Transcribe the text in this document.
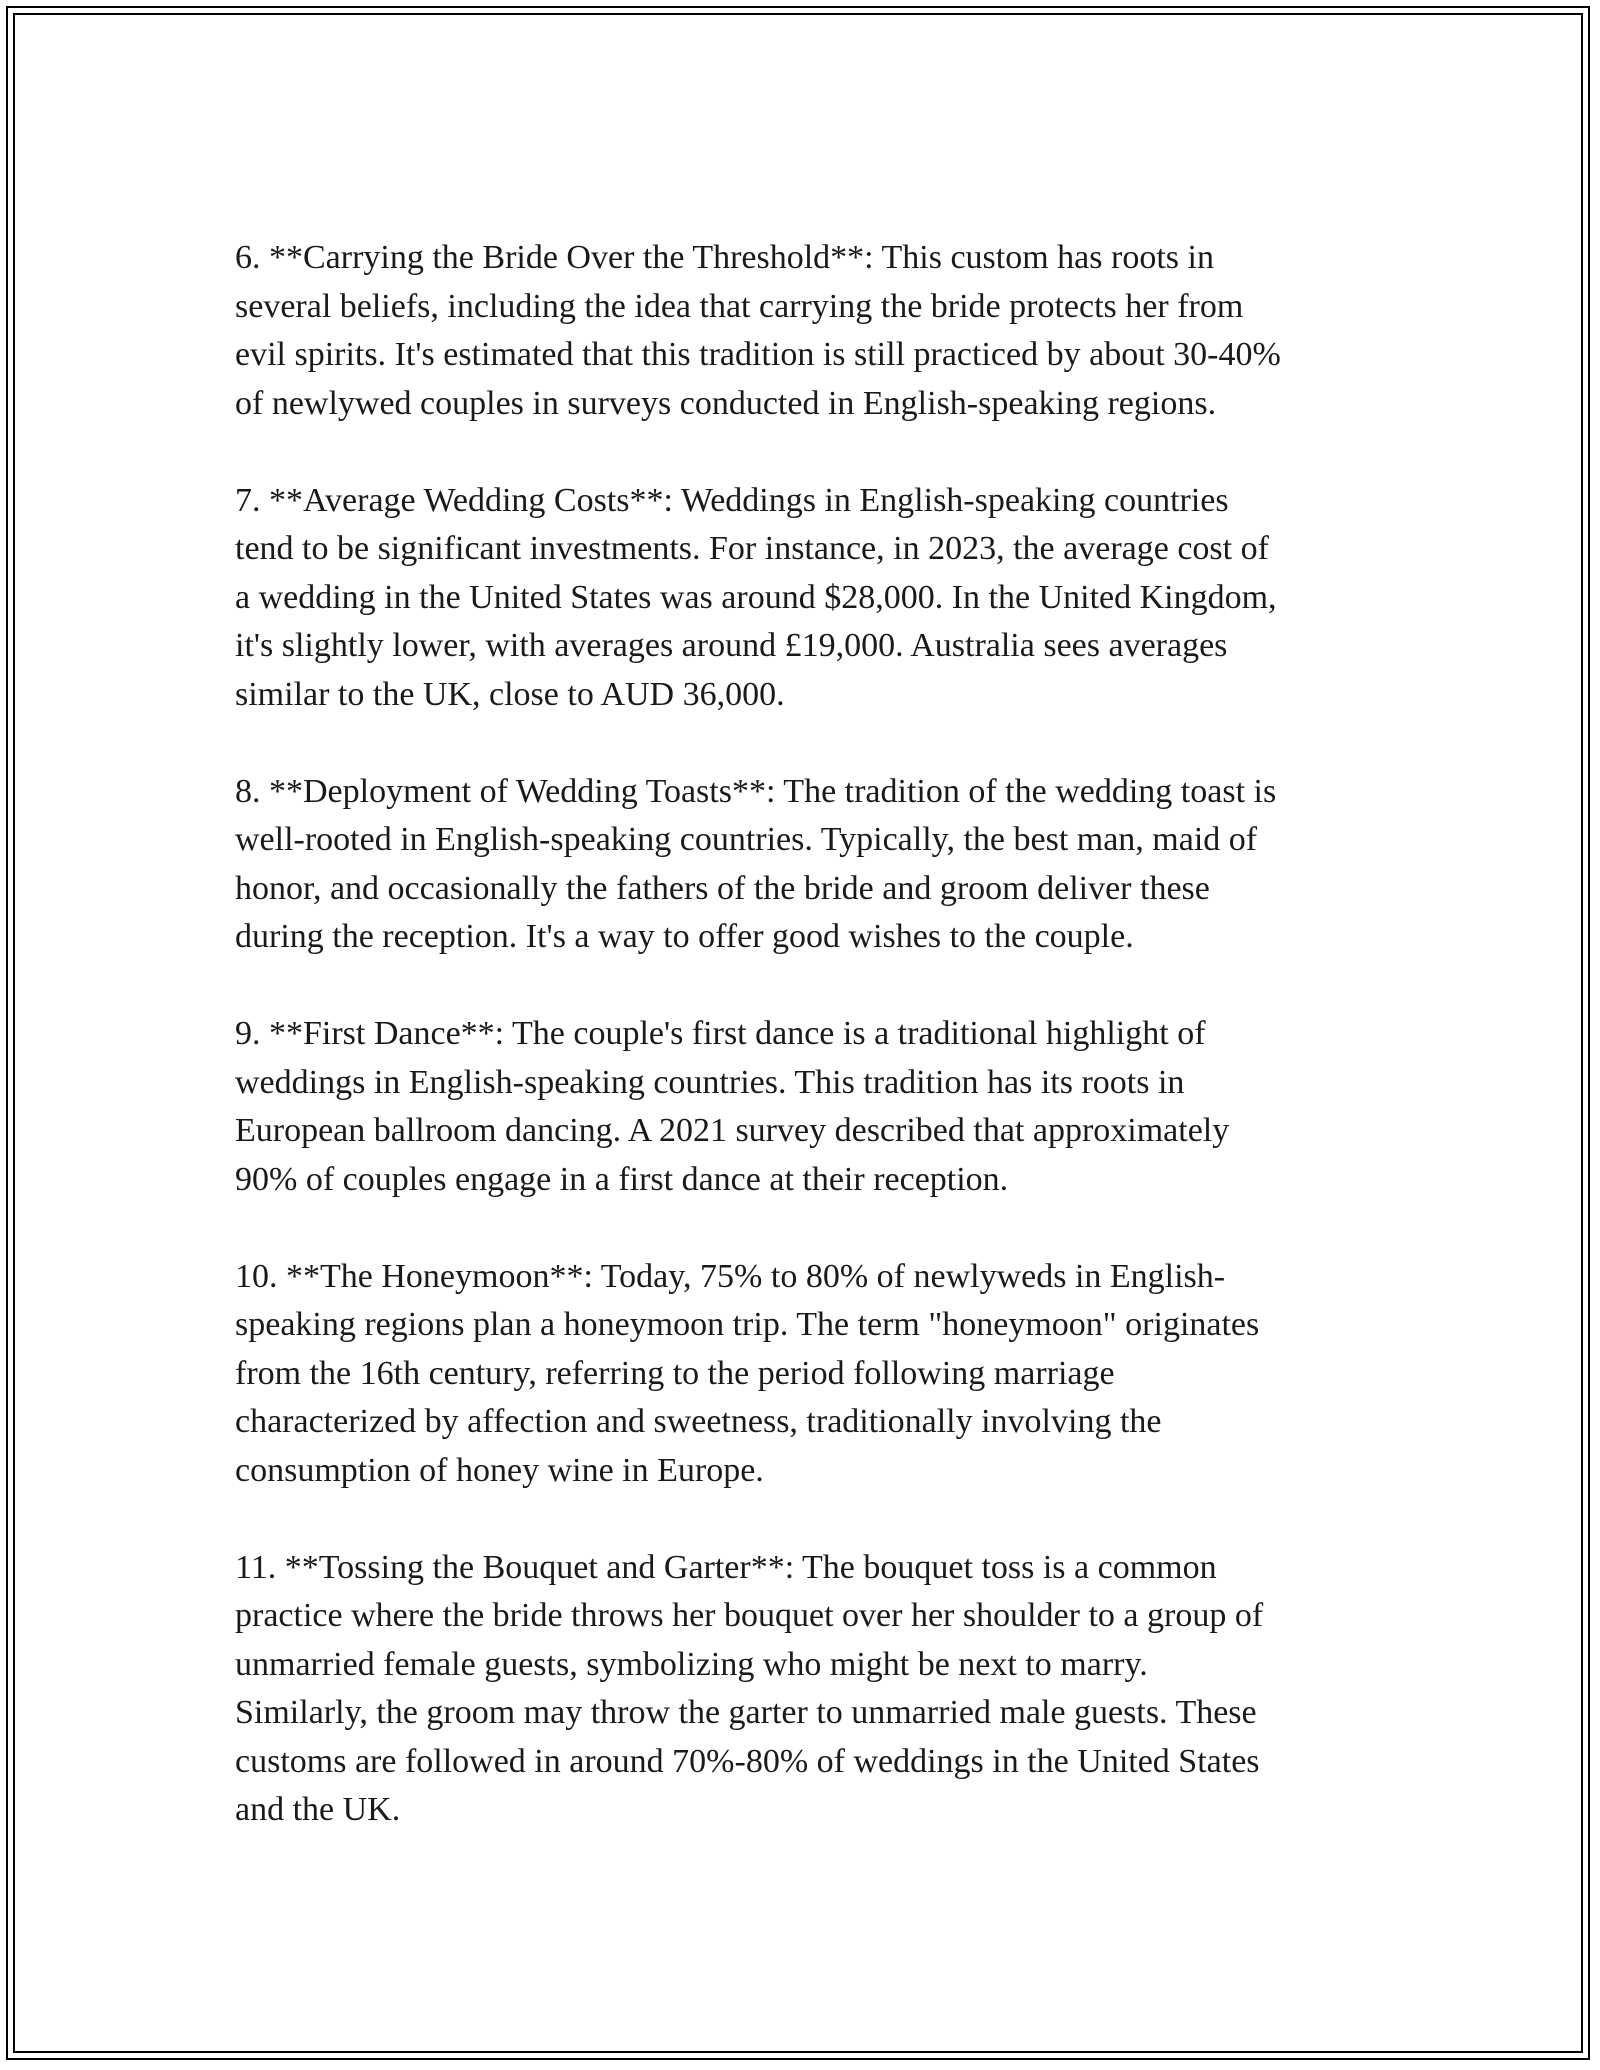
6. **Carrying the Bride Over the Threshold**: This custom has roots in
several beliefs, including the idea that carrying the bride protects her from
evil spirits. It's estimated that this tradition is still practiced by about 30-40%
of newlywed couples in surveys conducted in English-speaking regions.

7. **Average Wedding Costs**: Weddings in English-speaking countries
tend to be significant investments. For instance, in 2023, the average cost of
a wedding in the United States was around $28,000. In the United Kingdom,
it's slightly lower, with averages around £19,000. Australia sees averages
similar to the UK, close to AUD 36,000.

8. **Deployment of Wedding Toasts**: The tradition of the wedding toast is
well-rooted in English-speaking countries. Typically, the best man, maid of
honor, and occasionally the fathers of the bride and groom deliver these
during the reception. It's a way to offer good wishes to the couple.

9. **First Dance**: The couple's first dance is a traditional highlight of
weddings in English-speaking countries. This tradition has its roots in
European ballroom dancing. A 2021 survey described that approximately
90% of couples engage in a first dance at their reception.

10. **The Honeymoon**: Today, 75% to 80% of newlyweds in English-
speaking regions plan a honeymoon trip. The term "honeymoon" originates
from the 16th century, referring to the period following marriage
characterized by affection and sweetness, traditionally involving the
consumption of honey wine in Europe.

11. **Tossing the Bouquet and Garter**: The bouquet toss is a common
practice where the bride throws her bouquet over her shoulder to a group of
unmarried female guests, symbolizing who might be next to marry.
Similarly, the groom may throw the garter to unmarried male guests. These
customs are followed in around 70%-80% of weddings in the United States
and the UK.
